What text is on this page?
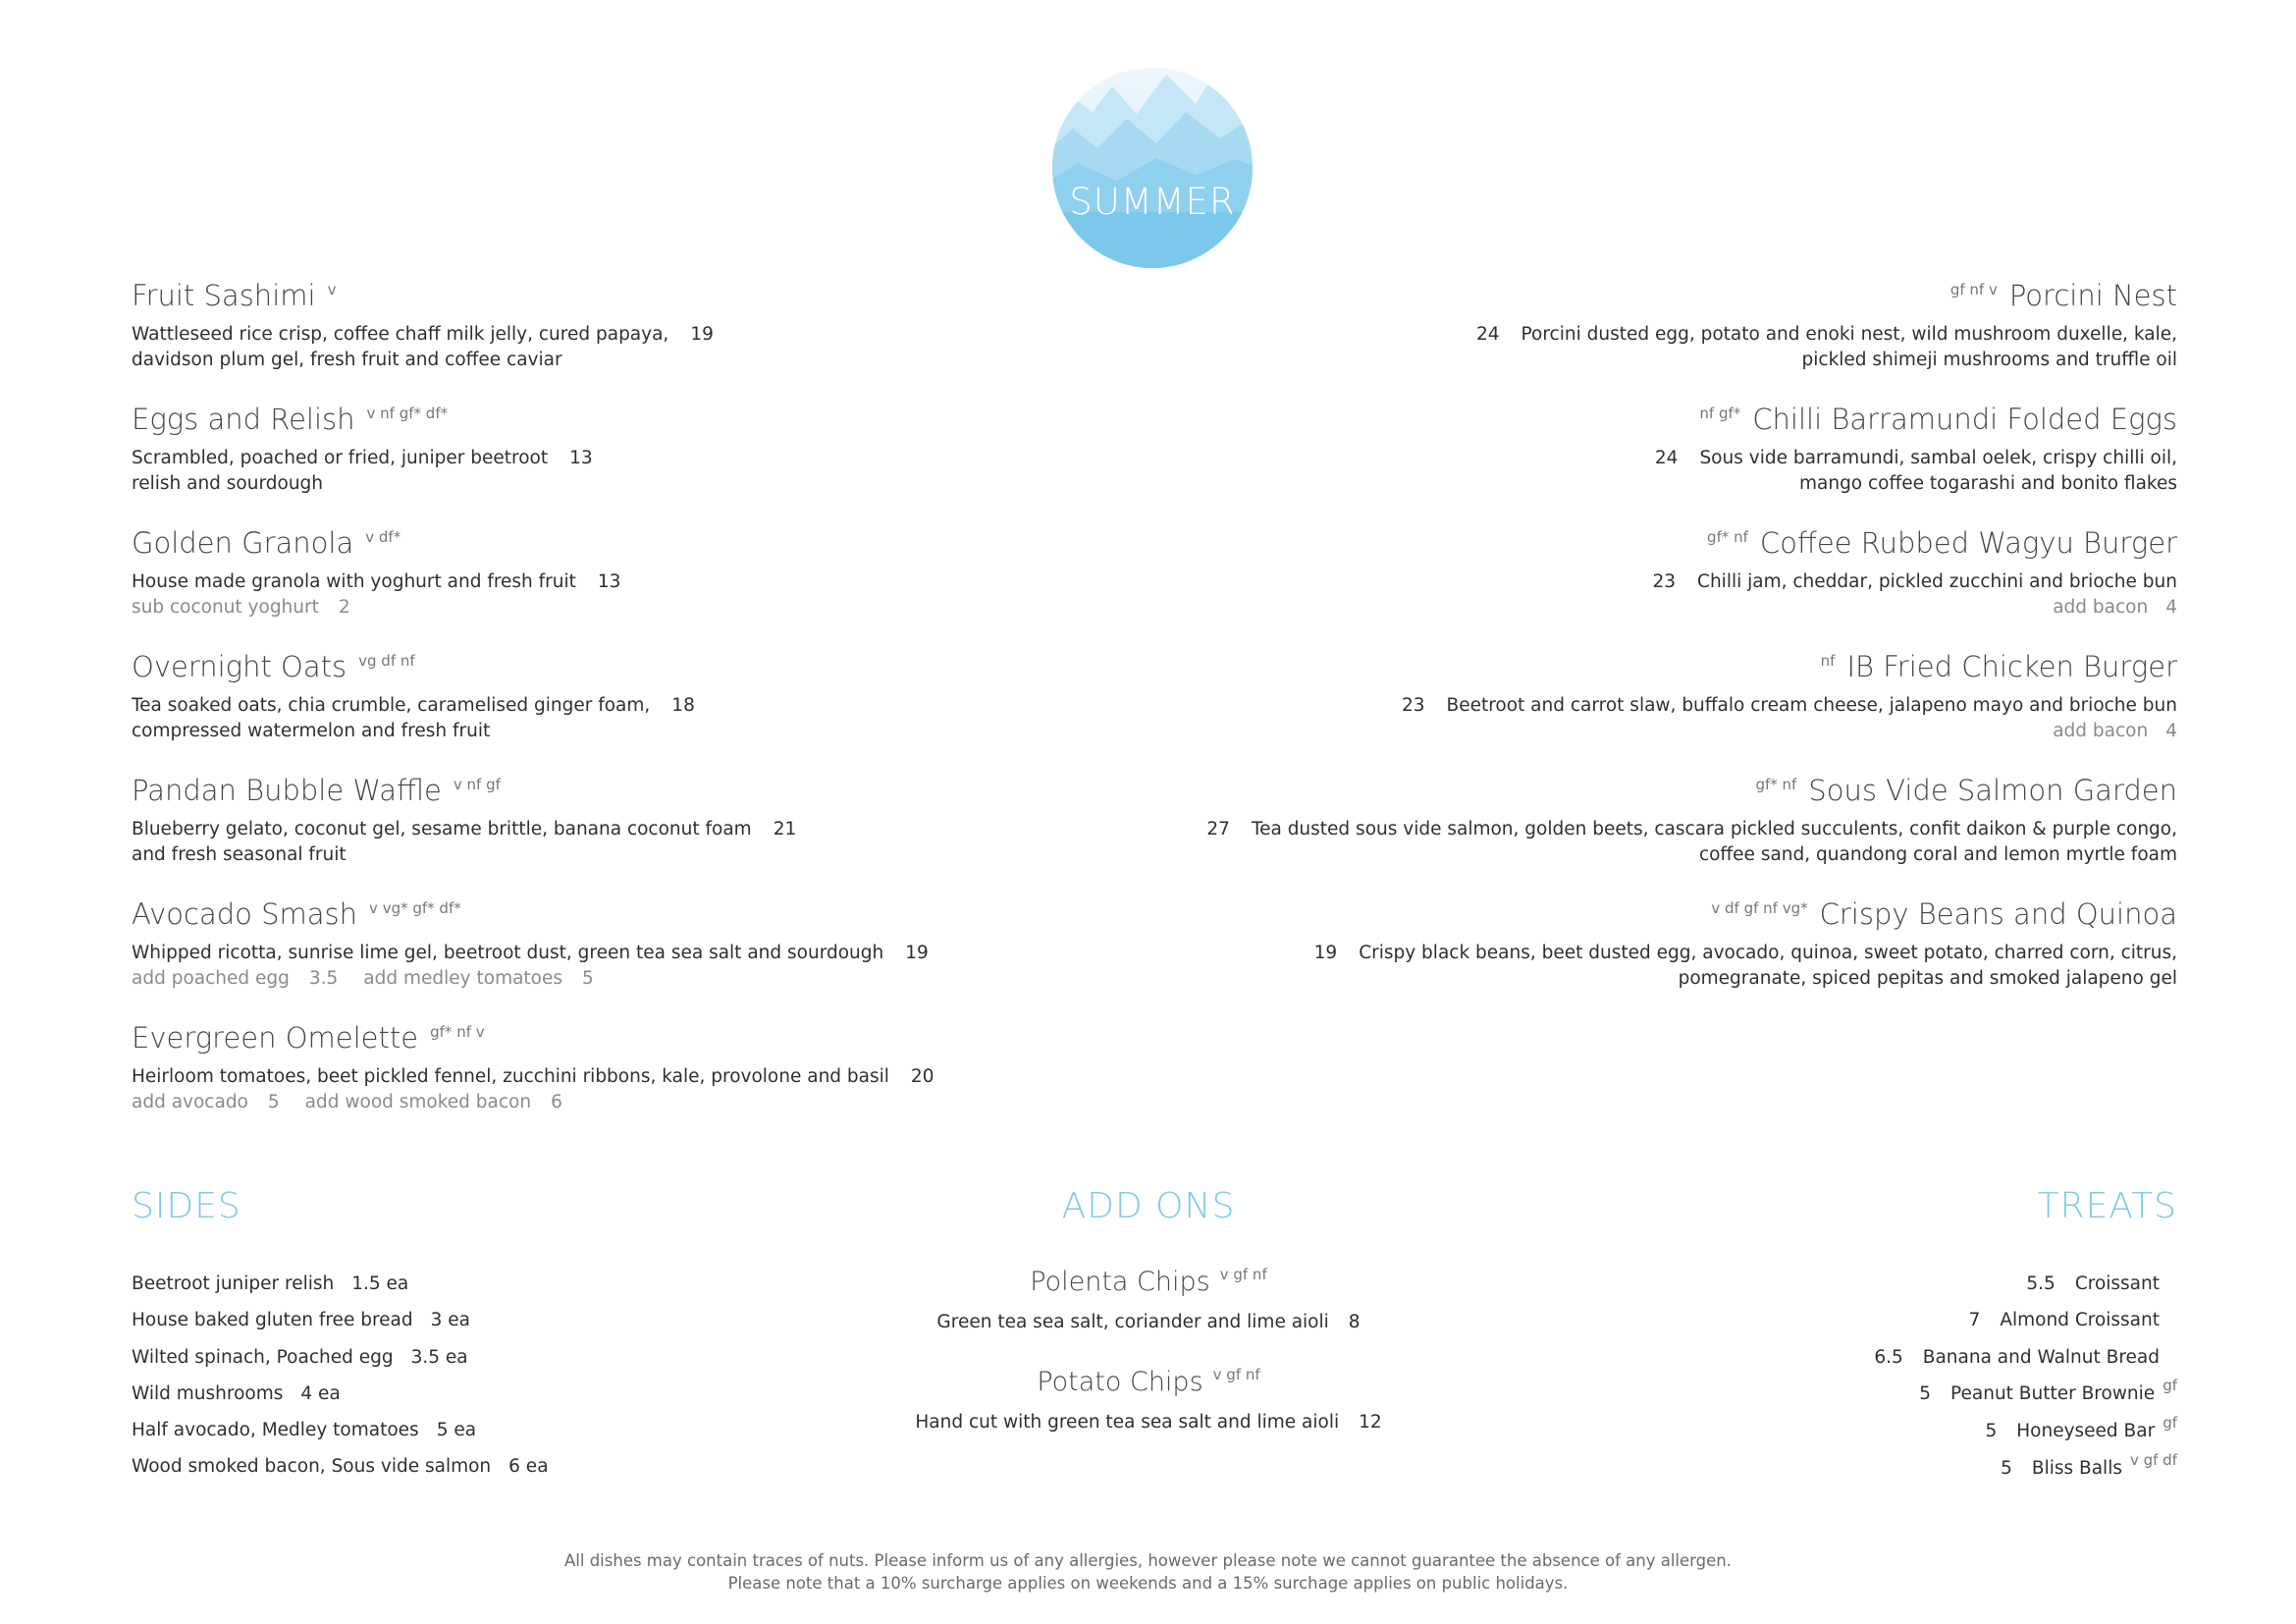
SUMMER
Fruit Sashimi v
Wattleseed rice crisp, coffee chaff milk jelly, cured papaya,
davidson plum gel, fresh fruit and coffee caviar
19
Eggs and Relish v nf gf* df*
Scrambled, poached or fried, juniper beetroot
relish and sourdough
13
Golden Granola v df*
House made granola with yoghurt and fresh fruit
sub coconut yoghurt 2
13
Overnight Oats vg df nf
Tea soaked oats, chia crumble, caramelised ginger foam,
compressed watermelon and fresh fruit
18
Pandan Bubble Waffle v nf gf
Blueberry gelato, coconut gel, sesame brittle, banana coconut foam
and fresh seasonal fruit
21
Avocado Smash v vg* gf* df*
Whipped ricotta, sunrise lime gel, beetroot dust, green tea sea salt and sourdough
add poached egg 3.5 add medley tomatoes 5
19
Evergreen Omelette gf* nf v
Heirloom tomatoes, beet pickled fennel, zucchini ribbons, kale, provolone and basil
add avocado 5 add wood smoked bacon 6
20
gf nf v Porcini Nest
24 Porcini dusted egg, potato and enoki nest, wild mushroom duxelle, kale,
pickled shimeji mushrooms and truffle oil
nf gf* Chilli Barramundi Folded Eggs
24 Sous vide barramundi, sambal oelek, crispy chilli oil,
mango coffee togarashi and bonito flakes
gf* nf Coffee Rubbed Wagyu Burger
23 Chilli jam, cheddar, pickled zucchini and brioche bun
add bacon 4
nf IB Fried Chicken Burger
23 Beetroot and carrot slaw, buffalo cream cheese, jalapeno mayo and brioche bun
add bacon 4
gf* nf Sous Vide Salmon Garden
27 Tea dusted sous vide salmon, golden beets, cascara pickled succulents, confit daikon & purple congo,
coffee sand, quandong coral and lemon myrtle foam
v df gf nf vg* Crispy Beans and Quinoa
19 Crispy black beans, beet dusted egg, avocado, quinoa, sweet potato, charred corn, citrus,
pomegranate, spiced pepitas and smoked jalapeno gel
SIDES	ADD ONS	TREATS
Beetroot juniper relish 1.5 ea
House baked gluten free bread 3 ea
Wilted spinach, Poached egg 3.5 ea
Wild mushrooms 4 ea
Half avocado, Medley tomatoes 5 ea
Wood smoked bacon, Sous vide salmon 6 ea
Polenta Chips v gf nf
Green tea sea salt, coriander and lime aioli 8
Potato Chips v gf nf
Hand cut with green tea sea salt and lime aioli 12
5.5 Croissant
7 Almond Croissant
6.5 Banana and Walnut Bread
5 Peanut Butter Brownie gf
5 Honeyseed Bar gf
5 Bliss Balls v gf df
All dishes may contain traces of nuts. Please inform us of any allergies, however please note we cannot guarantee the absence of any allergen.
Please note that a 10% surcharge applies on weekends and a 15% surchage applies on public holidays.
